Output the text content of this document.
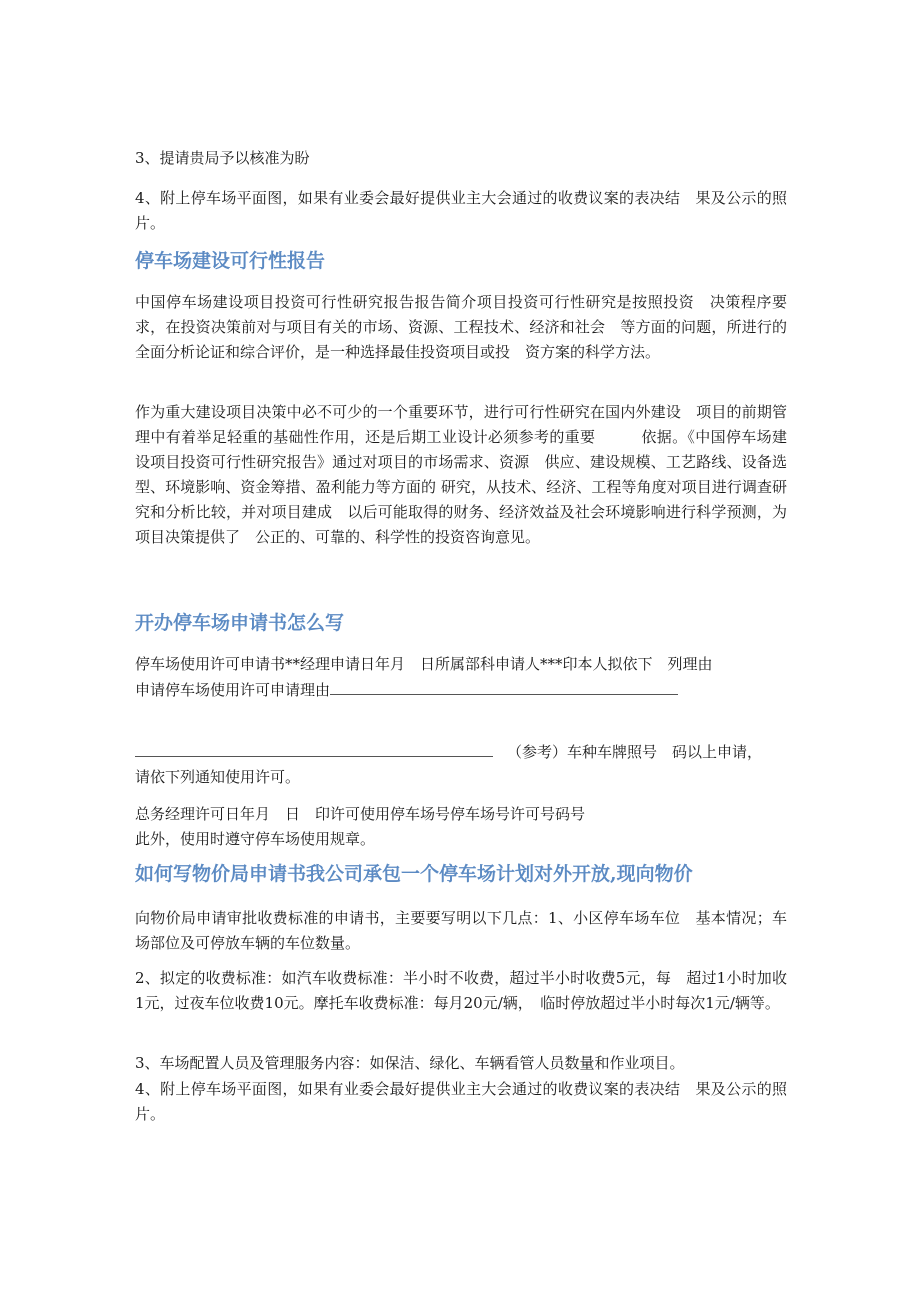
3、提请贵局予以核准为盼

4、附上停车场平面图，如果有业委会最好提供业主大会通过的收费议案的表决结　果及公示的照片。

停车场建设可行性报告

中国停车场建设项目投资可行性研究报告报告简介项目投资可行性研究是按照投资　决策程序要求，在投资决策前对与项目有关的市场、资源、工程技术、经济和社会　等方面的问题，所进行的全面分析论证和综合评价，是一种选择最佳投资项目或投　资方案的科学方法。

作为重大建设项目决策中必不可少的一个重要环节，进行可行性研究在国内外建设　项目的前期管理中有着举足轻重的基础性作用，还是后期工业设计必须参考的重要　　　依据。《中国停车场建设项目投资可行性研究报告》通过对项目的市场需求、资源　供应、建设规模、工艺路线、设备选型、环境影响、资金筹措、盈利能力等方面的 研究，从技术、经济、工程等角度对项目进行调查研究和分析比较，并对项目建成　以后可能取得的财务、经济效益及社会环境影响进行科学预测，为项目决策提供了　公正的、可靠的、科学性的投资咨询意见。

开办停车场申请书怎么写

停车场使用许可申请书**经理申请日年月　日所属部科申请人***印本人拟依下　列理由

申请停车场使用许可申请理由

（参考）车种车牌照号　码以上申请，

请依下列通知使用许可。

总务经理许可日年月　日　印许可使用停车场号停车场号许可号码号

此外，使用时遵守停车场使用规章。

如何写物价局申请书我公司承包一个停车场计划对外开放,现向物价

向物价局申请审批收费标准的申请书，主要要写明以下几点：1、小区停车场车位　基本情况；车场部位及可停放车辆的车位数量。

2、拟定的收费标准：如汽车收费标准：半小时不收费，超过半小时收费5元，每　超过1小时加收1元，过夜车位收费10元。摩托车收费标准：每月20元/辆，　临时停放超过半小时每次1元/辆等。

3、车场配置人员及管理服务内容：如保洁、绿化、车辆看管人员数量和作业项目。

4、附上停车场平面图，如果有业委会最好提供业主大会通过的收费议案的表决结　果及公示的照片。
